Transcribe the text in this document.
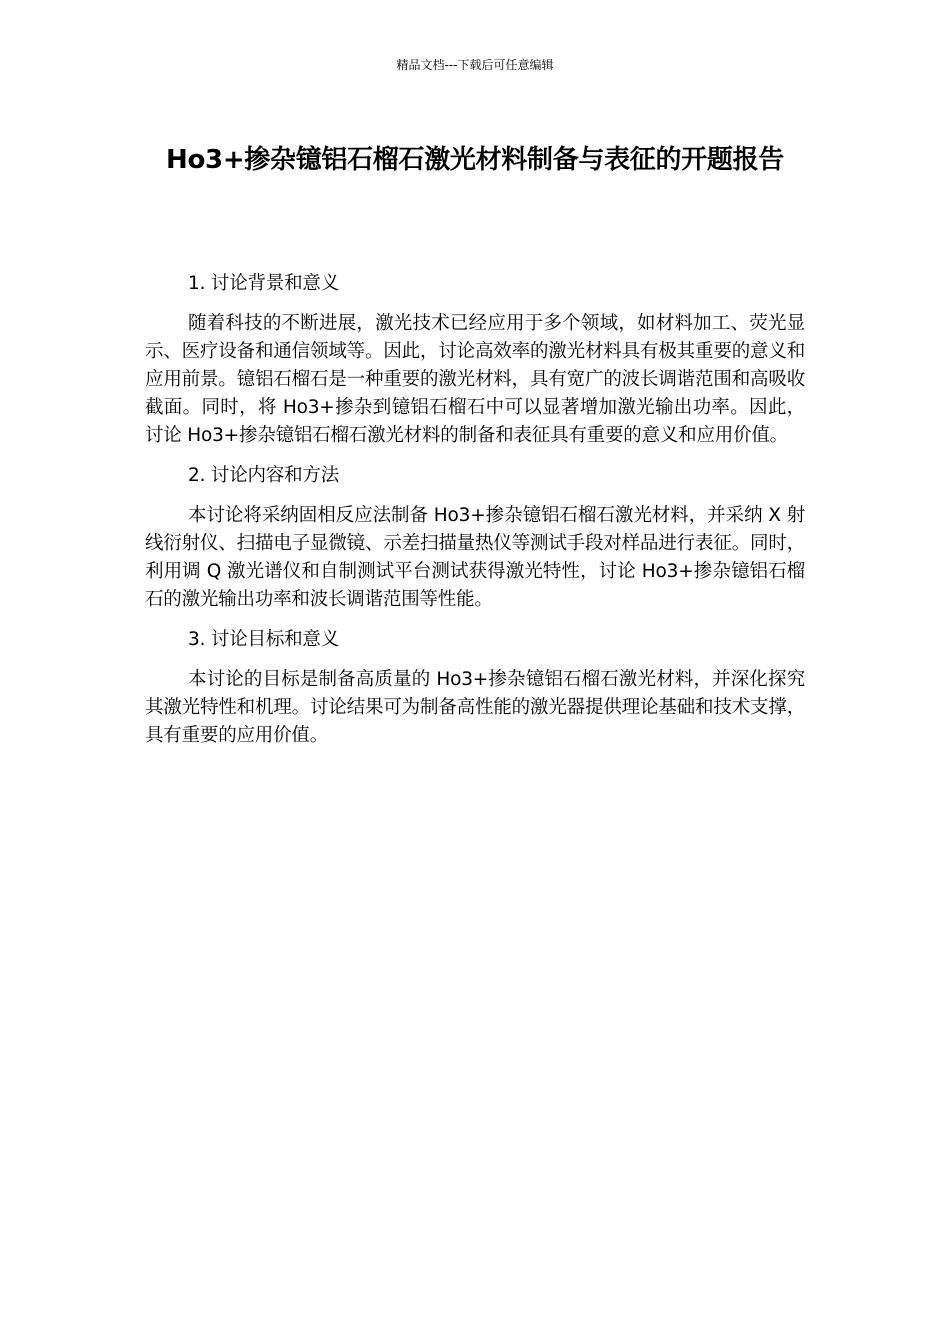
精品文档---下载后可任意编辑
Ho3+掺杂镱铝石榴石激光材料制备与表征的开题报告

1. 讨论背景和意义

随着科技的不断进展，激光技术已经应用于多个领域，如材料加工、荧光显示、医疗设备和通信领域等。因此，讨论高效率的激光材料具有极其重要的意义和应用前景。镱铝石榴石是一种重要的激光材料，具有宽广的波长调谐范围和高吸收截面。同时，将 Ho3+掺杂到镱铝石榴石中可以显著增加激光输出功率。因此，讨论 Ho3+掺杂镱铝石榴石激光材料的制备和表征具有重要的意义和应用价值。

2. 讨论内容和方法

本讨论将采纳固相反应法制备 Ho3+掺杂镱铝石榴石激光材料，并采纳 X 射线衍射仪、扫描电子显微镜、示差扫描量热仪等测试手段对样品进行表征。同时，利用调 Q 激光谱仪和自制测试平台测试获得激光特性，讨论 Ho3+掺杂镱铝石榴石的激光输出功率和波长调谐范围等性能。

3. 讨论目标和意义

本讨论的目标是制备高质量的 Ho3+掺杂镱铝石榴石激光材料，并深化探究其激光特性和机理。讨论结果可为制备高性能的激光器提供理论基础和技术支撑，具有重要的应用价值。
